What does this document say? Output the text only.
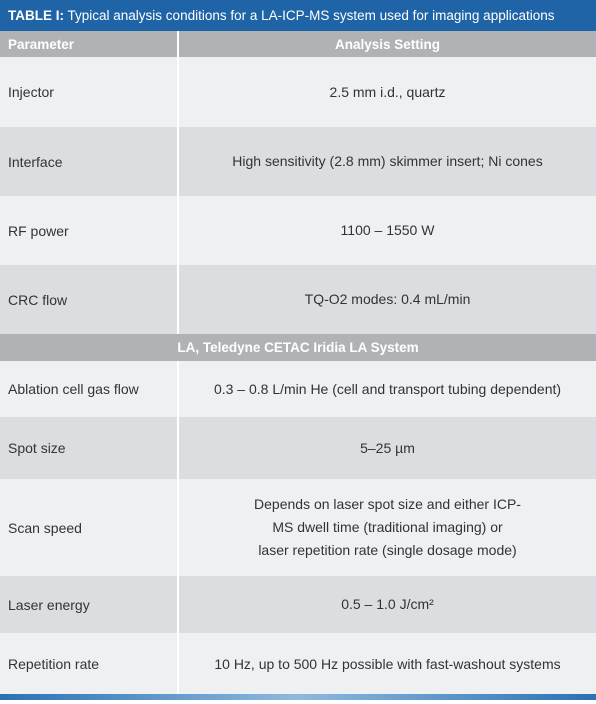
TABLE I: Typical analysis conditions for a LA-ICP-MS system used for imaging applications
Parameter	Analysis Setting
Injector	2.5 mm i.d., quartz
Interface	High sensitivity (2.8 mm) skimmer insert; Ni cones
RF power	1100 – 1550 W
CRC flow	TQ-O2 modes: 0.4 mL/min
LA, Teledyne CETAC Iridia LA System	
Ablation cell gas flow	0.3 – 0.8 L/min He (cell and transport tubing dependent)
Spot size	5–25 µm
Scan speed	Depends on laser spot size and either ICP-
MS dwell time (traditional imaging) or
laser repetition rate (single dosage mode)

Laser energy	0.5 – 1.0 J/cm²
Repetition rate	10 Hz, up to 500 Hz possible with fast-washout systems
